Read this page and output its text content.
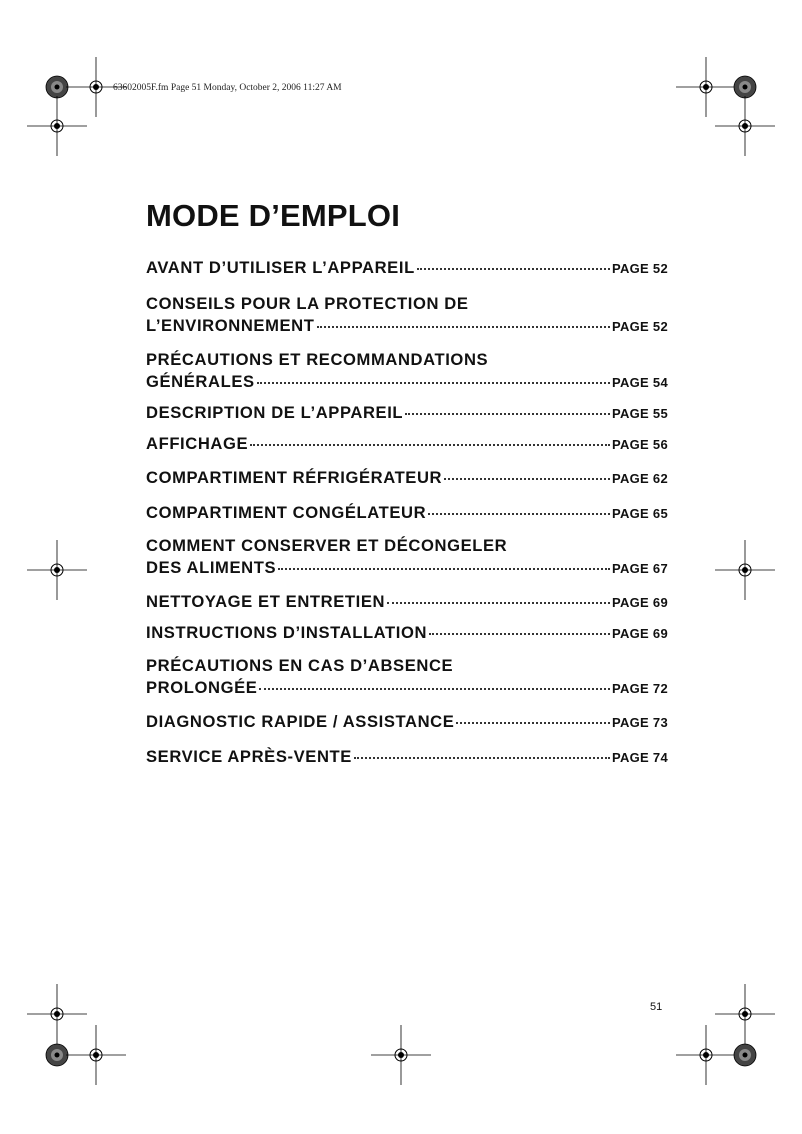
63602005F.fm Page 51 Monday, October 2, 2006 11:27 AM
MODE D’EMPLOI
AVANT D’UTILISER L’APPAREIL	PAGE 52
CONSEILS POUR LA PROTECTION DE
L’ENVIRONNEMENT	PAGE 52
PRÉCAUTIONS ET RECOMMANDATIONS
GÉNÉRALES	PAGE 54
DESCRIPTION DE L’APPAREIL	PAGE 55
AFFICHAGE	PAGE 56
COMPARTIMENT RÉFRIGÉRATEUR	PAGE 62
COMPARTIMENT CONGÉLATEUR	PAGE 65
COMMENT CONSERVER ET DÉCONGELER
DES ALIMENTS	PAGE 67
NETTOYAGE ET ENTRETIEN	PAGE 69
INSTRUCTIONS D’INSTALLATION	PAGE 69
PRÉCAUTIONS EN CAS D’ABSENCE
PROLONGÉE	PAGE 72
DIAGNOSTIC RAPIDE / ASSISTANCE	PAGE 73
SERVICE APRÈS-VENTE	PAGE 74
51
